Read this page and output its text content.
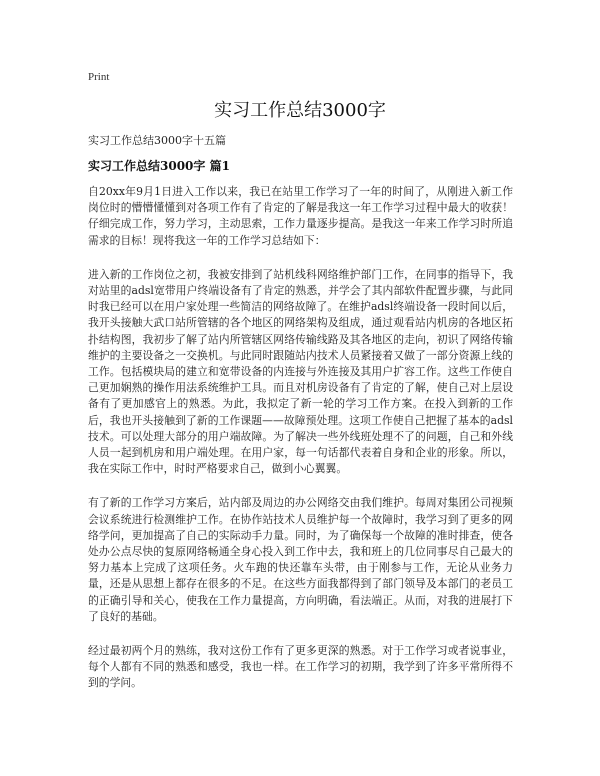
Print
实习工作总结3000字
实习工作总结3000字十五篇
实习工作总结3000字 篇1

自20xx年9月1日进入工作以来，我已在站里工作学习了一年的时间了，从刚进入新工作岗位时的懵懵懂懂到对各项工作有了肯定的了解是我这一年工作学习过程中最大的收获！仔细完成工作，努力学习，主动思索，工作力量逐步提高。是我这一年来工作学习时所追需求的目标！现将我这一年的工作学习总结如下：

进入新的工作岗位之初，我被安排到了站机线科网络维护部门工作，在同事的指导下，我对站里的adsl宽带用户终端设备有了肯定的熟悉，并学会了其内部软件配置步骤，与此同时我已经可以在用户家处理一些简洁的网络故障了。在维护adsl终端设备一段时间以后，我开头接触大武口站所管辖的各个地区的网络架构及组成，通过观看站内机房的各地区拓扑结构图，我初步了解了站内所管辖区网络传输线路及其各地区的走向，初识了网络传输维护的主要设备之一交换机。与此同时跟随站内技术人员紧接着又做了一部分资源上线的工作。包括模块局的建立和宽带设备的内连接与外连接及其用户扩容工作。这些工作使自己更加娴熟的操作用法系统维护工具。而且对机房设备有了肯定的了解，使自己对上层设备有了更加感官上的熟悉。为此，我拟定了新一轮的学习工作方案。在投入到新的工作后，我也开头接触到了新的工作课题——故障预处理。这项工作使自己把握了基本的adsl技术。可以处理大部分的用户端故障。为了解决一些外线班处理不了的问题，自己和外线人员一起到机房和用户端处理。在用户家，每一句话都代表着自身和企业的形象。所以，我在实际工作中，时时严格要求自己，做到小心翼翼。

有了新的工作学习方案后，站内部及周边的办公网络交由我们维护。每周对集团公司视频会议系统进行检测维护工作。在协作站技术人员维护每一个故障时，我学习到了更多的网络学问，更加提高了自己的实际动手力量。同时，为了确保每一个故障的准时排查，使各处办公点尽快的复原网络畅通全身心投入到工作中去，我和班上的几位同事尽自己最大的努力基本上完成了这项任务。火车跑的快还靠车头带，由于刚参与工作，无论从业务力量，还是从思想上都存在很多的不足。在这些方面我都得到了部门领导及本部门的老员工的正确引导和关心，使我在工作力量提高，方向明确，看法端正。从而，对我的进展打下了良好的基础。

经过最初两个月的熟练，我对这份工作有了更多更深的熟悉。对于工作学习或者说事业，每个人都有不同的熟悉和感受，我也一样。在工作学习的初期，我学到了许多平常所得不到的学问。
